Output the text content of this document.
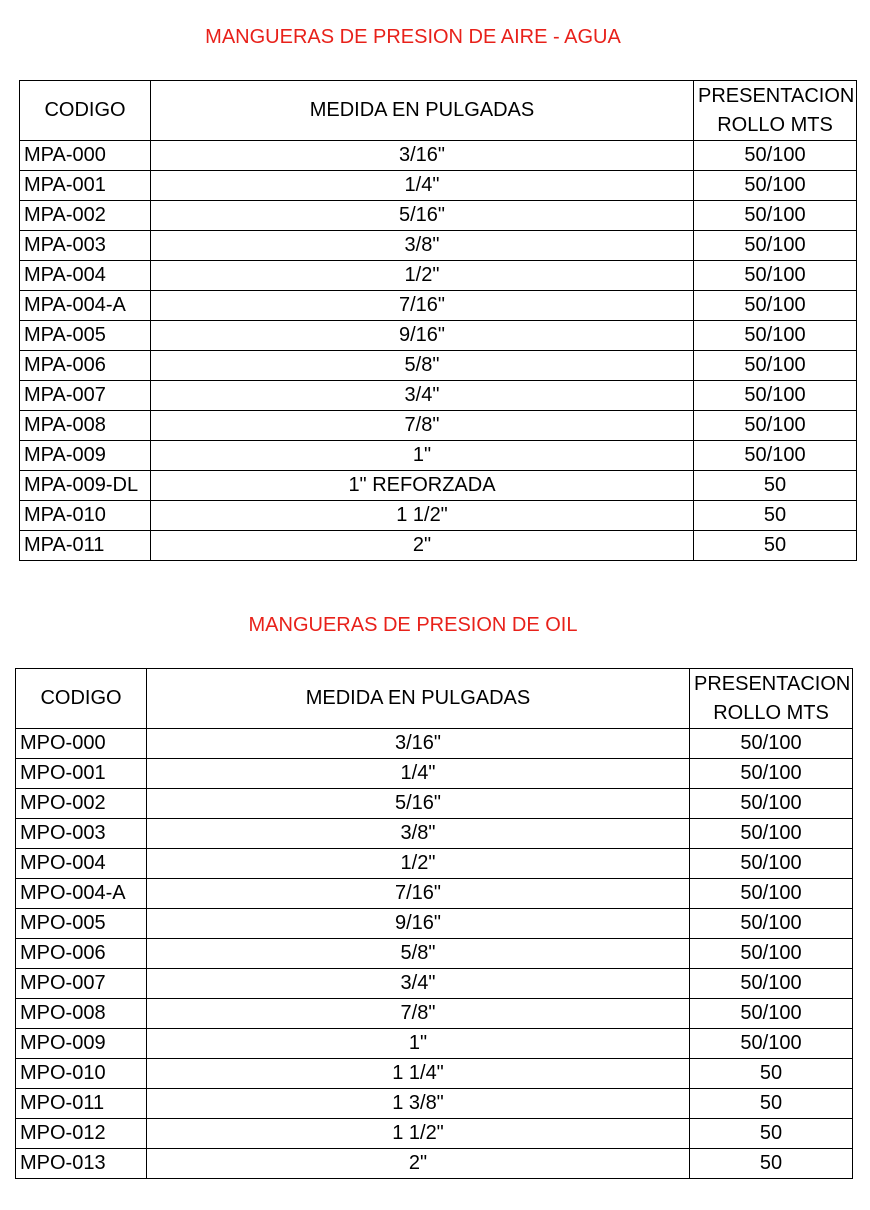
MANGUERAS DE PRESION DE AIRE - AGUA
CODIGO	MEDIDA EN PULGADAS	PRESENTACION
ROLLO MTS

MPA-000	3/16"	50/100
MPA-001	1/4"	50/100
MPA-002	5/16"	50/100
MPA-003	3/8"	50/100
MPA-004	1/2"	50/100
MPA-004-A	7/16"	50/100
MPA-005	9/16"	50/100
MPA-006	5/8"	50/100
MPA-007	3/4"	50/100
MPA-008	7/8"	50/100
MPA-009	1"	50/100
MPA-009-DL	1" REFORZADA	50
MPA-010	1 1/2"	50
MPA-011	2"	50
MANGUERAS DE PRESION DE OIL
CODIGO	MEDIDA EN PULGADAS	PRESENTACION
ROLLO MTS

MPO-000	3/16"	50/100
MPO-001	1/4"	50/100
MPO-002	5/16"	50/100
MPO-003	3/8"	50/100
MPO-004	1/2"	50/100
MPO-004-A	7/16"	50/100
MPO-005	9/16"	50/100
MPO-006	5/8"	50/100
MPO-007	3/4"	50/100
MPO-008	7/8"	50/100
MPO-009	1"	50/100
MPO-010	1 1/4"	50
MPO-011	1 3/8"	50
MPO-012	1 1/2"	50
MPO-013	2"	50
